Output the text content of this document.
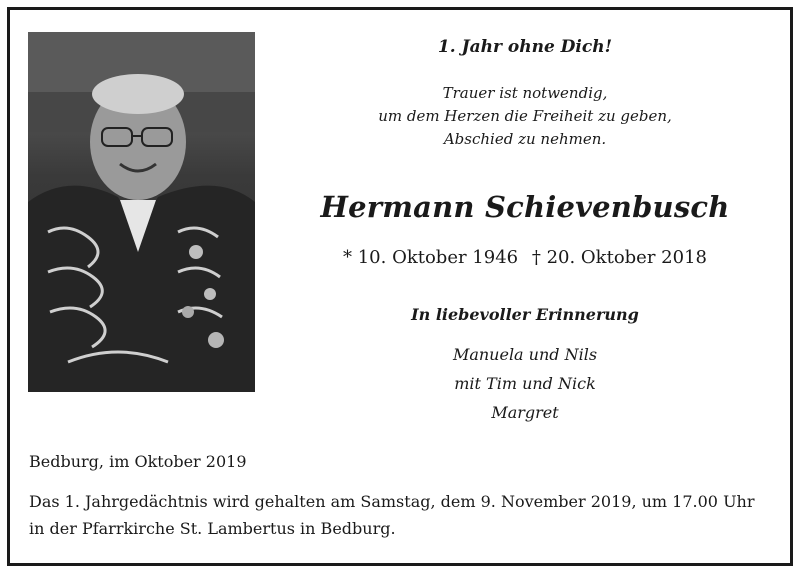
1. Jahr ohne Dich!
Trauer ist notwendig,
um dem Herzen die Freiheit zu geben,
Abschied zu nehmen.
Hermann Schievenbusch
* 10. Oktober 1946 † 20. Oktober 2018
In liebevoller Erinnerung
Manuela und Nils
mit Tim und Nick
Margret
Bedburg, im Oktober 2019
Das 1. Jahrgedächtnis wird gehalten am Samstag, dem 9. November 2019, um 17.00 Uhr
in der Pfarrkirche St. Lambertus in Bedburg.
